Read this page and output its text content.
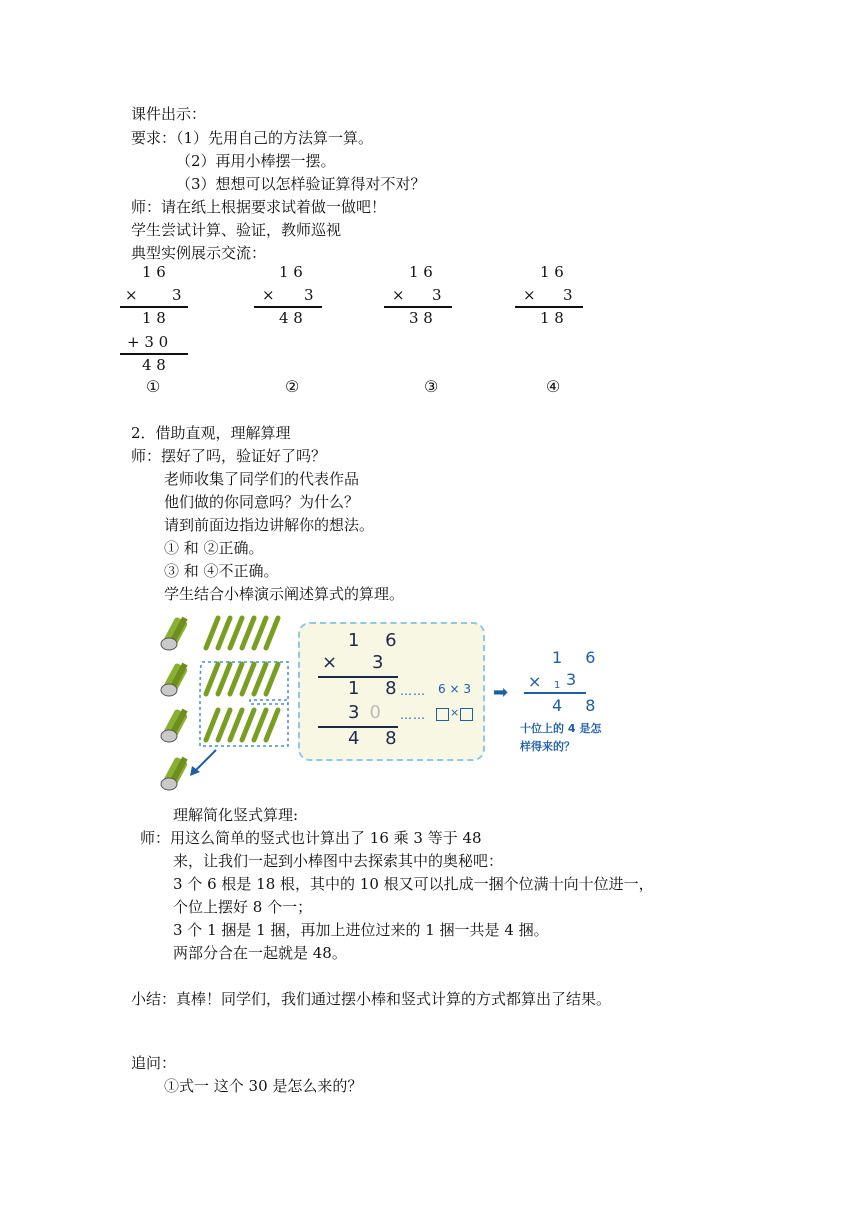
课件出示：
要求：（1）先用自己的方法算一算。
（2）再用小棒摆一摆。
（3）想想可以怎样验证算得对不对？
师：请在纸上根据要求试着做一做吧！
学生尝试计算、验证，教师巡视
典型实例展示交流：
1 6
×	3
1 8
+ 3 0
4 8
①
1 6
×	3
4 8
②
1 6
×	3
3 8
③
1 6
×	3
1 8
④
2．借助直观，理解算理
师：摆好了吗，验证好了吗？
老师收集了同学们的代表作品
他们做的你同意吗？为什么？
请到前面边指边讲解你的想法。
① 和 ②正确。
③ 和 ④不正确。
学生结合小棒演示阐述算式的算理。
1 6
× 3
1 8
30
4 8
…… 6 × 3
…… ×
➡
1 6
× 1 3
4 8
十位上的 4 是怎
样得来的？
理解简化竖式算理:
师：用这么简单的竖式也计算出了 16 乘 3 等于 48
来，让我们一起到小棒图中去探索其中的奥秘吧：
3 个 6 根是 18 根，其中的 10 根又可以扎成一捆个位满十向十位进一，
个位上摆好 8 个一；
3 个 1 捆是 1 捆，再加上进位过来的 1 捆一共是 4 捆。
两部分合在一起就是 48。
小结：真棒！同学们，我们通过摆小棒和竖式计算的方式都算出了结果。
追问：
①式一 这个 30 是怎么来的？
